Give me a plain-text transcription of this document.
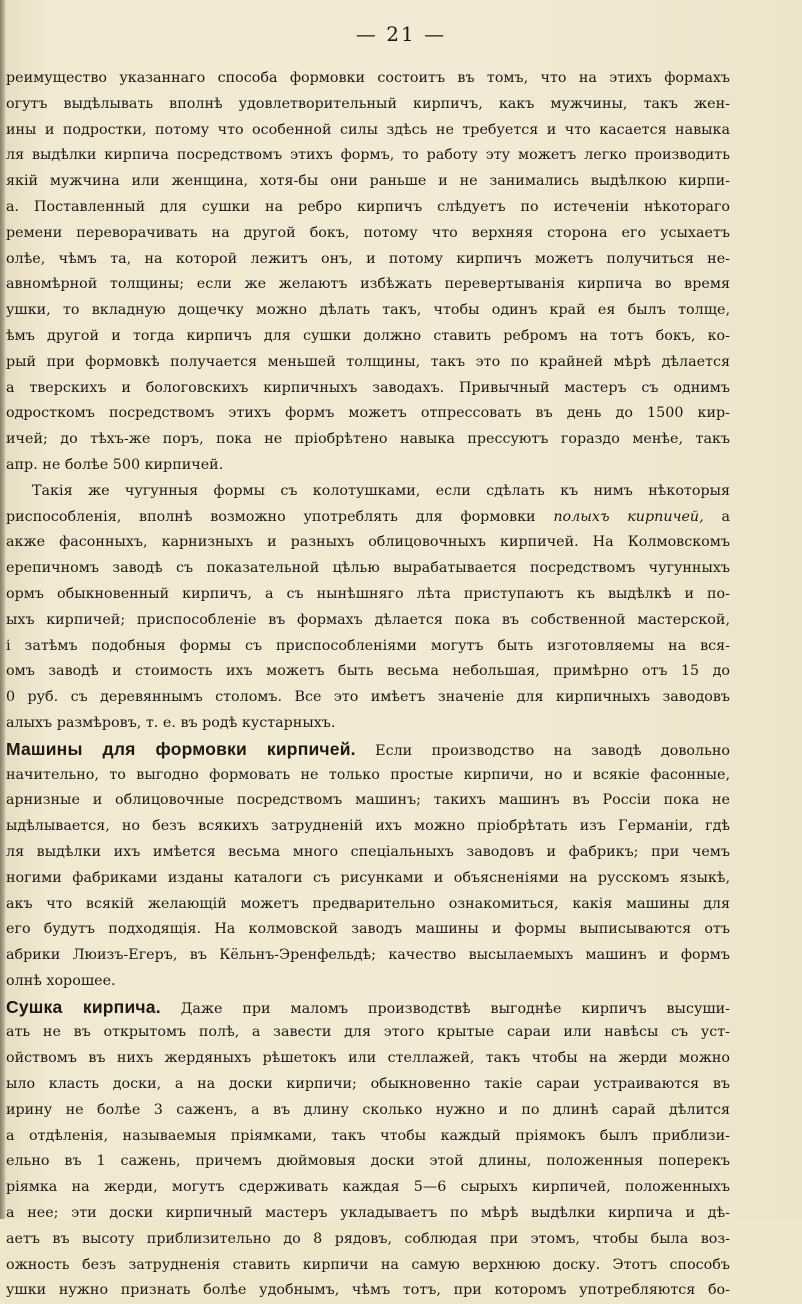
— 21 —
реимущество указаннаго способа формовки состоитъ въ томъ, что на этихъ формахъ
огутъ выдѣлывать вполнѣ удовлетворительный кирпичъ, какъ мужчины, такъ жен-
ины и подростки, потому что особенной силы здѣсь не требуется и что касается навыка
ля выдѣлки кирпича посредствомъ этихъ формъ, то работу эту можетъ легко производить
якій мужчина или женщина, хотя-бы они раньше и не занимались выдѣлкою кирпи-
а. Поставленный для сушки на ребро кирпичъ слѣдуетъ по истеченіи нѣкотораго
ремени переворачивать на другой бокъ, потому что верхняя сторона его усыхаетъ
олѣе, чѣмъ та, на которой лежитъ онъ, и потому кирпичъ можетъ получиться не-
авномѣрной толщины; если же желаютъ избѣжать перевертыванія кирпича во время
ушки, то вкладную дощечку можно дѣлать такъ, чтобы одинъ край ея былъ толще,
ѣмъ другой и тогда кирпичъ для сушки должно ставить ребромъ на тотъ бокъ, ко-
рый при формовкѣ получается меньшей толщины, такъ это по крайней мѣрѣ дѣлается
а тверскихъ и бологовскихъ кирпичныхъ заводахъ. Привычный мастеръ съ однимъ
одросткомъ посредствомъ этихъ формъ можетъ отпрессовать въ день до 1500 кир-
ичей; до тѣхъ-же поръ, пока не пріобрѣтено навыка прессуютъ гораздо менѣе, такъ
апр. не болѣе 500 кирпичей.
Такія же чугунныя формы съ колотушками, если сдѣлать къ нимъ нѣкоторыя
риспособленія, вполнѣ возможно употреблять для формовки полыхъ кирпичей, а
акже фасонныхъ, карнизныхъ и разныхъ облицовочныхъ кирпичей. На Колмовскомъ
ерепичномъ заводѣ съ показательной цѣлью вырабатывается посредствомъ чугунныхъ
ормъ обыкновенный кирпичъ, а съ нынѣшняго лѣта приступаютъ къ выдѣлкѣ и по-
ыхъ кирпичей; приспособленіе въ формахъ дѣлается пока въ собственной мастерской,
і затѣмъ подобныя формы съ приспособленіями могутъ быть изготовляемы на вся-
омъ заводѣ и стоимость ихъ можетъ быть весьма небольшая, примѣрно отъ 15 до
0 руб. съ деревяннымъ столомъ. Все это имѣетъ значеніе для кирпичныхъ заводовъ
алыхъ размѣровъ, т. е. въ родѣ кустарныхъ.
Машины для формовки кирпичей. Если производство на заводѣ довольно
начительно, то выгодно формовать не только простые кирпичи, но и всякіе фасонные,
арнизные и облицовочные посредствомъ машинъ; такихъ машинъ въ Россіи пока не
ыдѣлывается, но безъ всякихъ затрудненій ихъ можно пріобрѣтать изъ Германіи, гдѣ
ля выдѣлки ихъ имѣется весьма много спеціальныхъ заводовъ и фабрикъ; при чемъ
ногими фабриками изданы каталоги съ рисунками и объясненіями на русскомъ языкѣ,
акъ что всякій желающій можетъ предварительно ознакомиться, какія машины для
его будутъ подходящія. На колмовской заводъ машины и формы выписываются отъ
абрики Люизъ-Егеръ, въ Кёльнъ-Эренфельдѣ; качество высылаемыхъ машинъ и формъ
олнѣ хорошее.
Сушка кирпича. Даже при маломъ производствѣ выгоднѣе кирпичъ высуши-
ать не въ открытомъ полѣ, а завести для этого крытые сараи или навѣсы съ уст-
ойствомъ въ нихъ жердяныхъ рѣшетокъ или стеллажей, такъ чтобы на жерди можно
ыло класть доски, а на доски кирпичи; обыкновенно такіе сараи устраиваются въ
ирину не болѣе 3 саженъ, а въ длину сколько нужно и по длинѣ сарай дѣлится
а отдѣленія, называемыя пріямками, такъ чтобы каждый пріямокъ былъ приблизи-
ельно въ 1 сажень, причемъ дюймовыя доски этой длины, положенныя поперекъ
ріямка на жерди, могутъ сдерживать каждая 5—6 сырыхъ кирпичей, положенныхъ
а нее; эти доски кирпичный мастеръ укладываетъ по мѣрѣ выдѣлки кирпича и дѣ-
аетъ въ высоту приблизительно до 8 рядовъ, соблюдая при этомъ, чтобы была воз-
ожность безъ затрудненія ставить кирпичи на самую верхнюю доску. Этотъ способъ
ушки нужно признать болѣе удобнымъ, чѣмъ тотъ, при которомъ употребляются бо-
